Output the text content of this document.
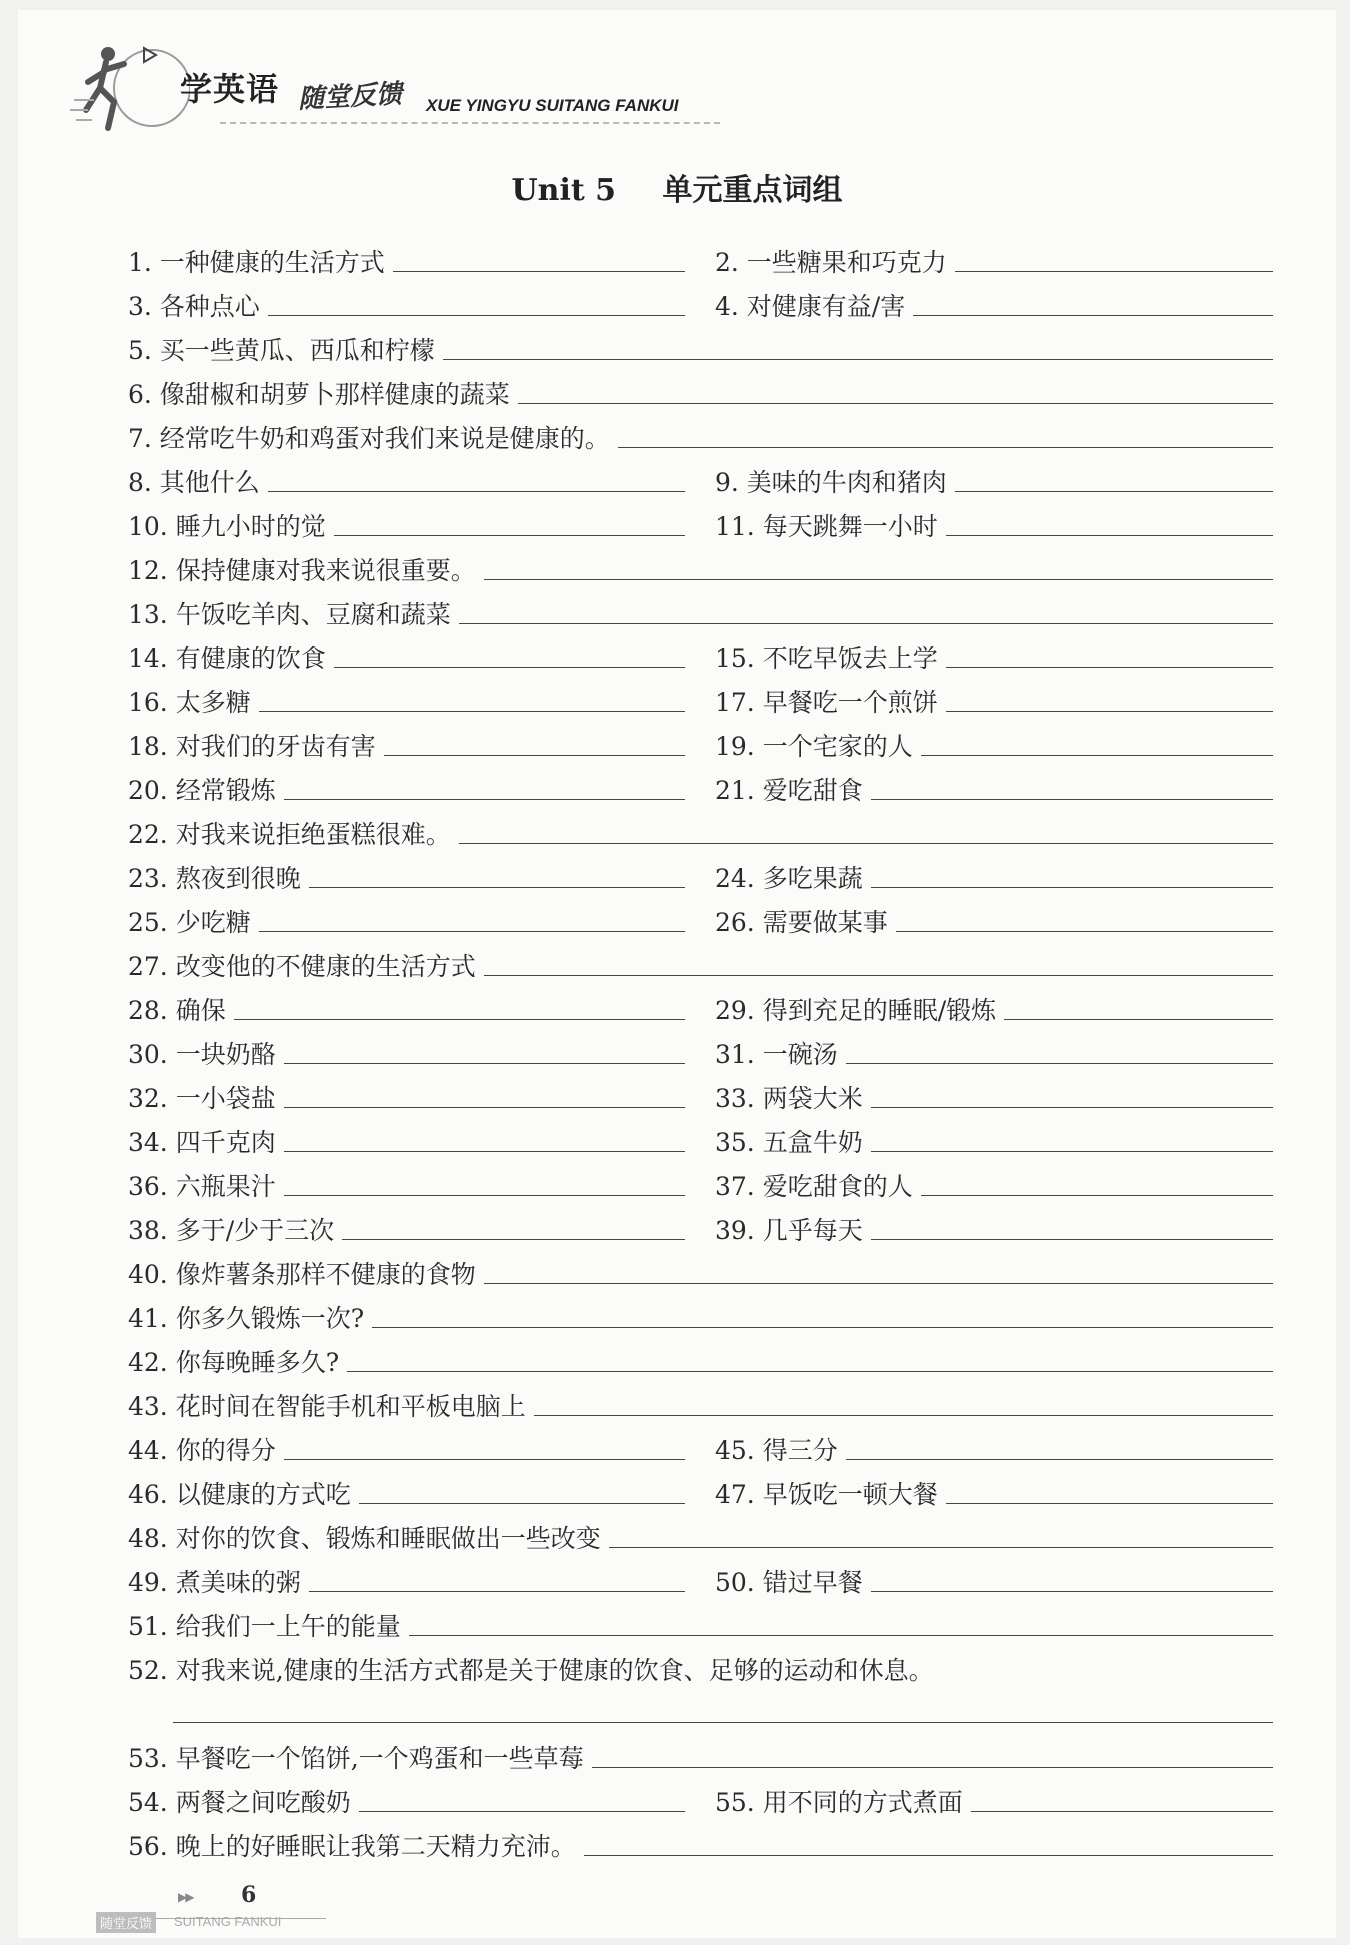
学英语 随堂反馈 XUE YINGYU SUITANG FANKUI
Unit 5 单元重点词组
1. 一种健康的生活方式	2. 一些糖果和巧克力
3. 各种点心	4. 对健康有益/害
5. 买一些黄瓜、西瓜和柠檬
6. 像甜椒和胡萝卜那样健康的蔬菜
7. 经常吃牛奶和鸡蛋对我们来说是健康的。
8. 其他什么	9. 美味的牛肉和猪肉
10. 睡九小时的觉	11. 每天跳舞一小时
12. 保持健康对我来说很重要。
13. 午饭吃羊肉、豆腐和蔬菜
14. 有健康的饮食	15. 不吃早饭去上学
16. 太多糖	17. 早餐吃一个煎饼
18. 对我们的牙齿有害	19. 一个宅家的人
20. 经常锻炼	21. 爱吃甜食
22. 对我来说拒绝蛋糕很难。
23. 熬夜到很晚	24. 多吃果蔬
25. 少吃糖	26. 需要做某事
27. 改变他的不健康的生活方式
28. 确保	29. 得到充足的睡眠/锻炼
30. 一块奶酪	31. 一碗汤
32. 一小袋盐	33. 两袋大米
34. 四千克肉	35. 五盒牛奶
36. 六瓶果汁	37. 爱吃甜食的人
38. 多于/少于三次	39. 几乎每天
40. 像炸薯条那样不健康的食物
41. 你多久锻炼一次?
42. 你每晚睡多久?
43. 花时间在智能手机和平板电脑上
44. 你的得分	45. 得三分
46. 以健康的方式吃	47. 早饭吃一顿大餐
48. 对你的饮食、锻炼和睡眠做出一些改变
49. 煮美味的粥	50. 错过早餐
51. 给我们一上午的能量
52. 对我来说,健康的生活方式都是关于健康的饮食、足够的运动和休息。
53. 早餐吃一个馅饼,一个鸡蛋和一些草莓
54. 两餐之间吃酸奶	55. 用不同的方式煮面
56. 晚上的好睡眠让我第二天精力充沛。
▶▶ 6
随堂反馈	SUITANG FANKUI
